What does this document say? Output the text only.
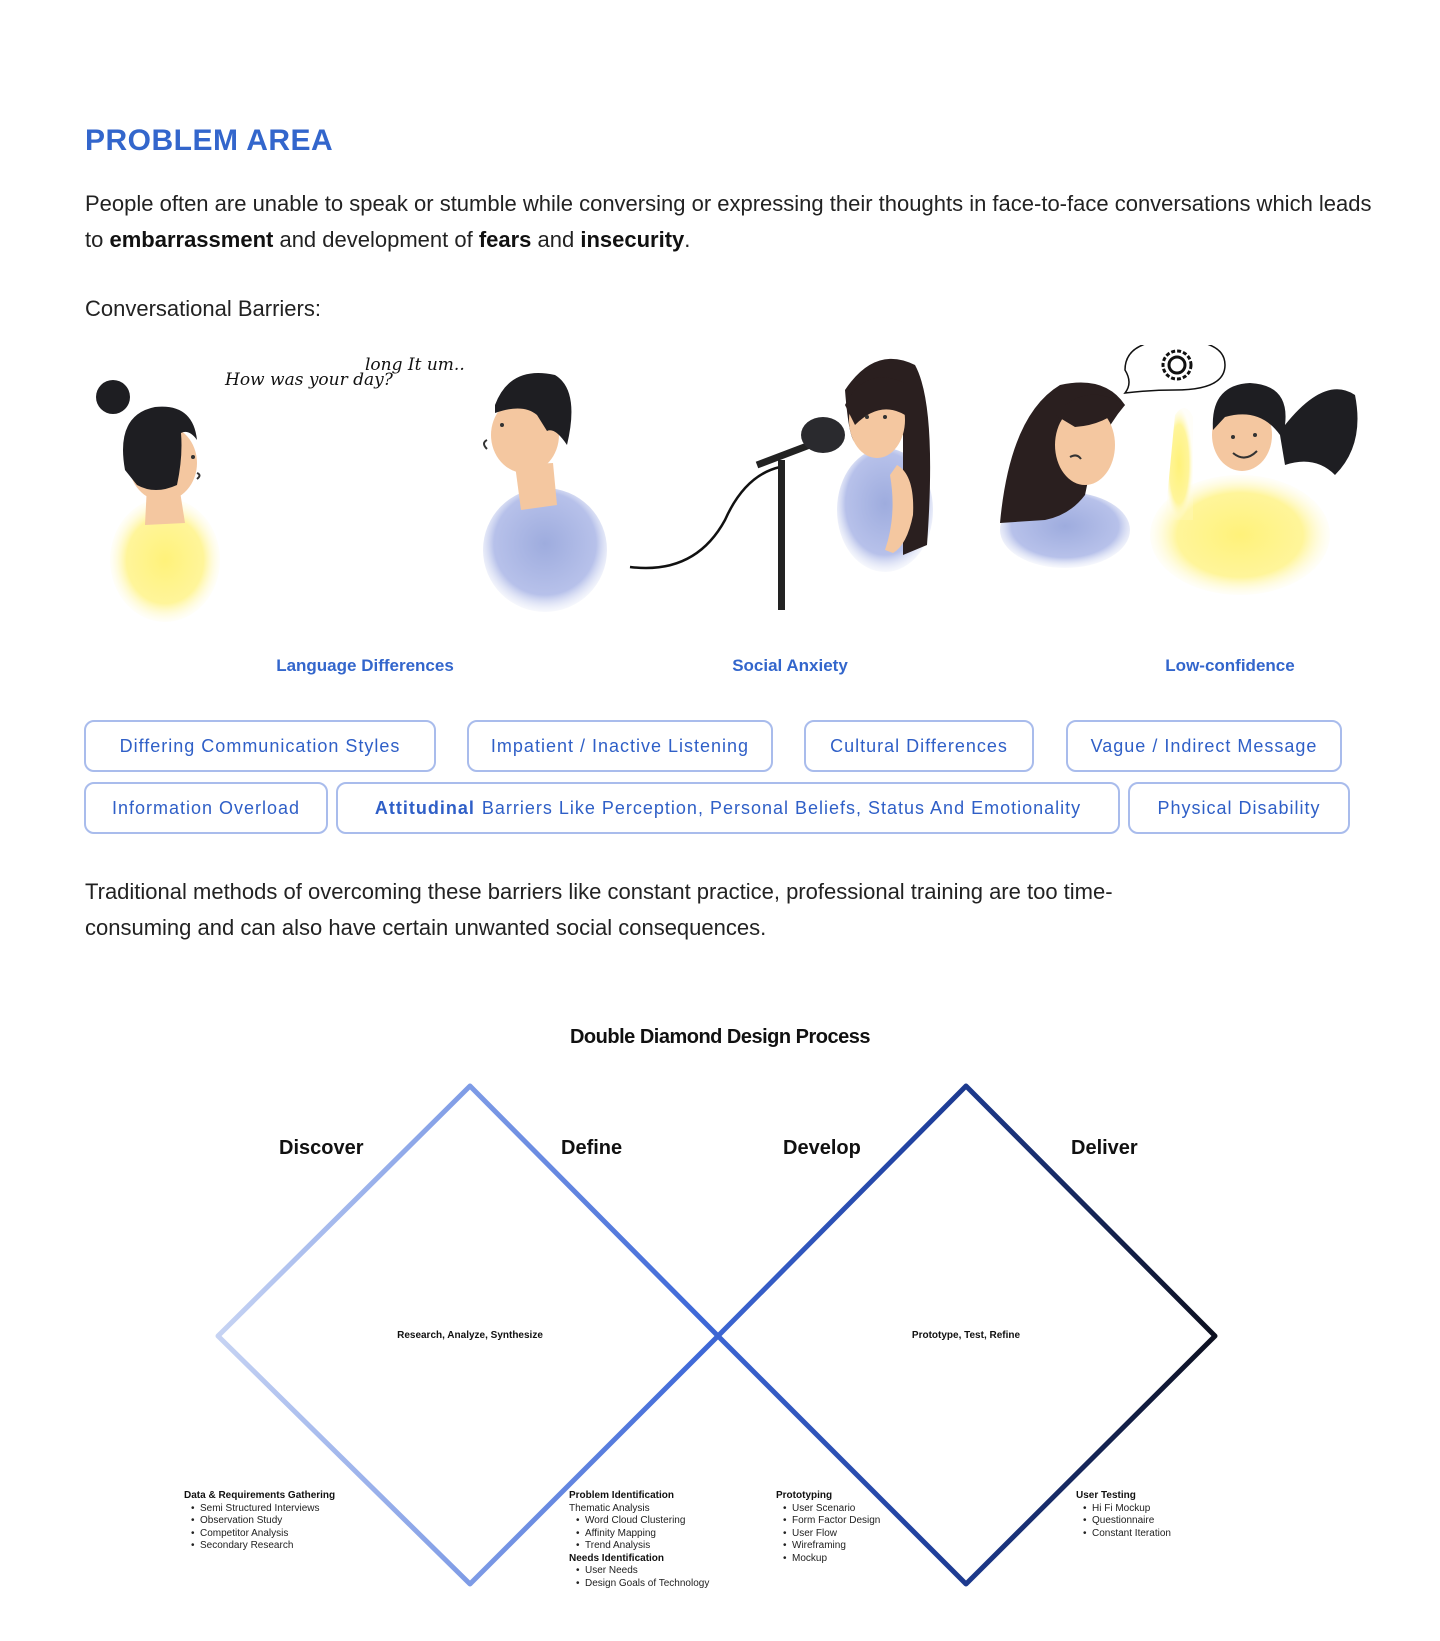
PROBLEM AREA
People often are unable to speak or stumble while conversing or expressing their thoughts in face-to-face conversations which leads to embarrassment and development of fears and insecurity.
Conversational Barriers:
How was your day?
long It um..
Language Differences	Social Anxiety	Low-confidence
Differing Communication Styles	Impatient / Inactive Listening	Cultural Differences	Vague / Indirect Message
Information Overload	Attitudinal Barriers Like Perception, Personal Beliefs, Status And Emotionality	Physical Disability
Traditional methods of overcoming these barriers like constant practice, professional training are too time-consuming and can also have certain unwanted social consequences.
Double Diamond Design Process
Discover	Define	Develop	Deliver
Research, Analyze, Synthesize	Prototype, Test, Refine
Data & Requirements Gathering
• Semi Structured Interviews
• Observation Study
• Competitor Analysis
• Secondary Research
Problem Identification
Thematic Analysis
• Word Cloud Clustering
• Affinity Mapping
• Trend Analysis
Needs Identification
• User Needs
• Design Goals of Technology
Prototyping
• User Scenario
• Form Factor Design
• User Flow
• Wireframing
• Mockup
User Testing
• Hi Fi Mockup
• Questionnaire
• Constant Iteration
